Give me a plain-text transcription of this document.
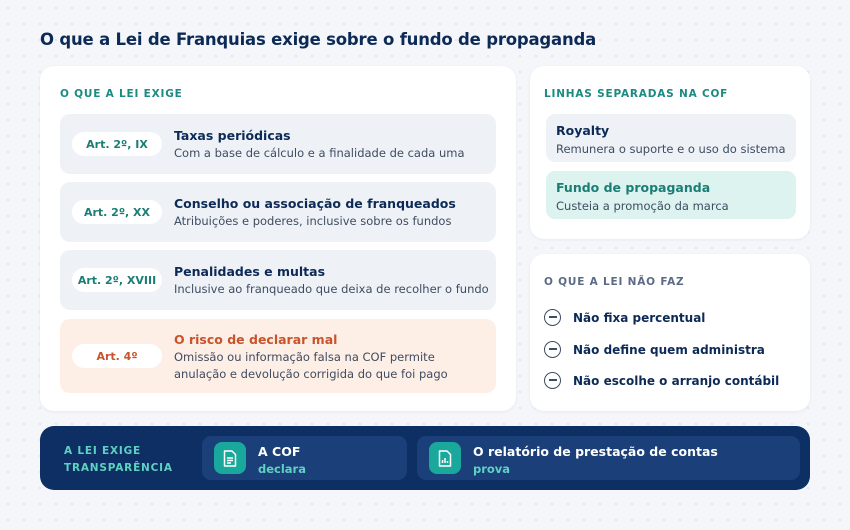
O que a Lei de Franquias exige sobre o fundo de propaganda
O QUE A LEI EXIGE
Art. 2º, IX
Taxas periódicas
Com a base de cálculo e a finalidade de cada uma
Art. 2º, XX
Conselho ou associação de franqueados
Atribuições e poderes, inclusive sobre os fundos
Art. 2º, XVIII
Penalidades e multas
Inclusive ao franqueado que deixa de recolher o fundo
Art. 4º
O risco de declarar mal
Omissão ou informação falsa na COF permite anulação e devolução corrigida do que foi pago
LINHAS SEPARADAS NA COF
Royalty
Remunera o suporte e o uso do sistema
Fundo de propaganda
Custeia a promoção da marca
O QUE A LEI NÃO FAZ
Não fixa percentual
Não define quem administra
Não escolhe o arranjo contábil
A LEI EXIGE
TRANSPARÊNCIA
A COF
declara
O relatório de prestação de contas
prova
